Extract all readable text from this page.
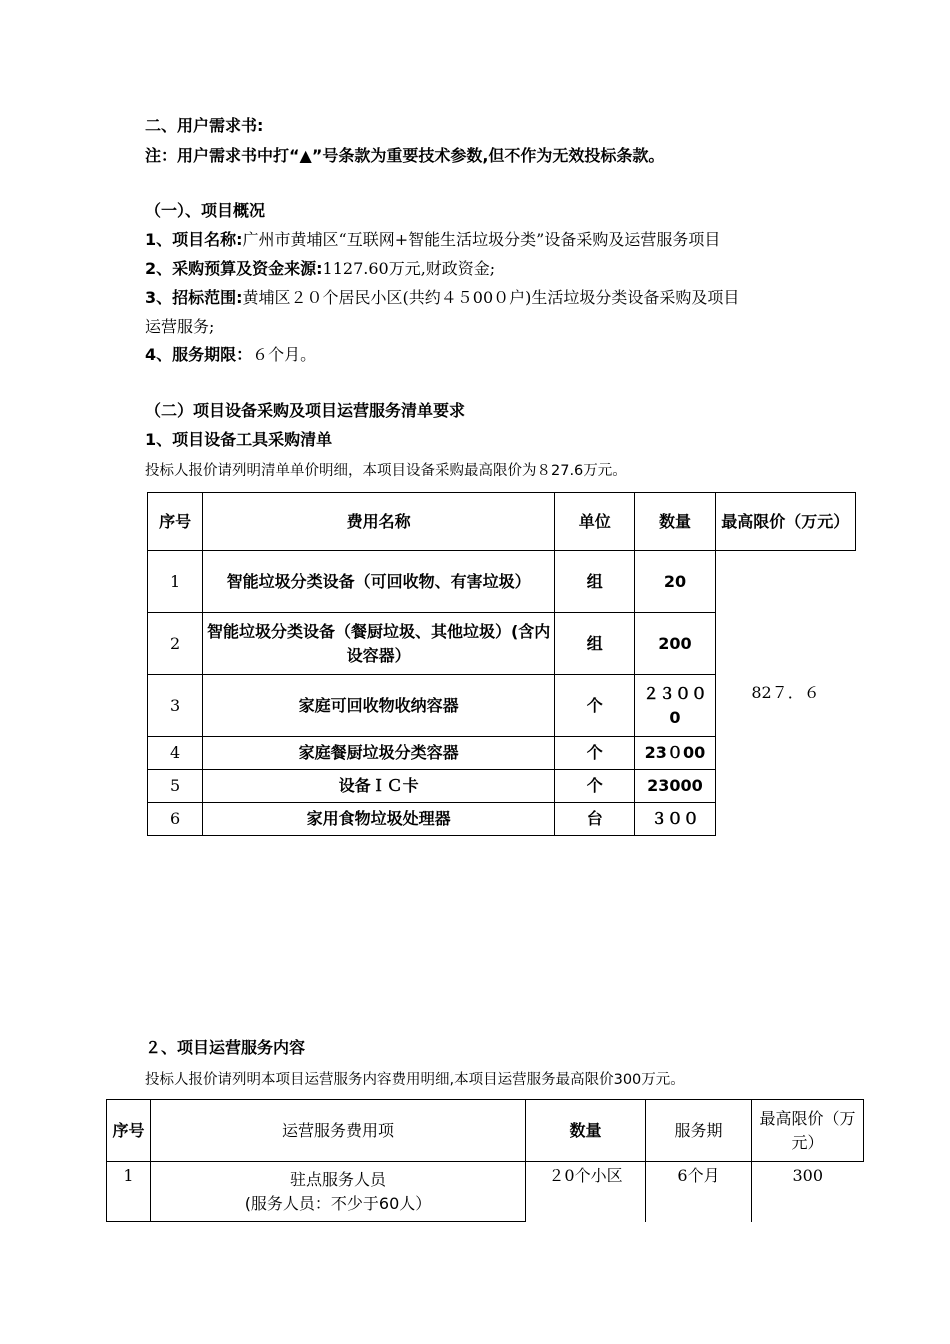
二、用户需求书:
注：用户需求书中打“▲”号条款为重要技术参数,但不作为无效投标条款。
（一）、项目概况
1、项目名称:广州市黄埔区“互联网+智能生活垃圾分类”设备采购及运营服务项目
2、采购预算及资金来源:1127.60万元,财政资金;
3、招标范围:黄埔区２０个居民小区(共约４５00０户)生活垃圾分类设备采购及项目
运营服务;
4、服务期限：６个月。
（二）项目设备采购及项目运营服务清单要求
1、项目设备工具采购清单
投标人报价请列明清单单价明细，本项目设备采购最高限价为８27.6万元。
序号	费用名称	单位	数量	最高限价（万元）
1	智能垃圾分类设备（可回收物、有害垃圾）	组	20	82７．６
2	智能垃圾分类设备（餐厨垃圾、其他垃圾）(含内设容器）	组	200	
3	家庭可回收物收纳容器	个	２３００0	
4	家庭餐厨垃圾分类容器	个	23０00	
5	设备ＩＣ卡	个	23000	
6	家用食物垃圾处理器	台	３００	
２、项目运营服务内容
投标人报价请列明本项目运营服务内容费用明细,本项目运营服务最高限价300万元。
序号	运营服务费用项	数量	服务期	最高限价（万元）
1	驻点服务人员
(服务人员：不少于60人）	２0个小区	6个月	300
